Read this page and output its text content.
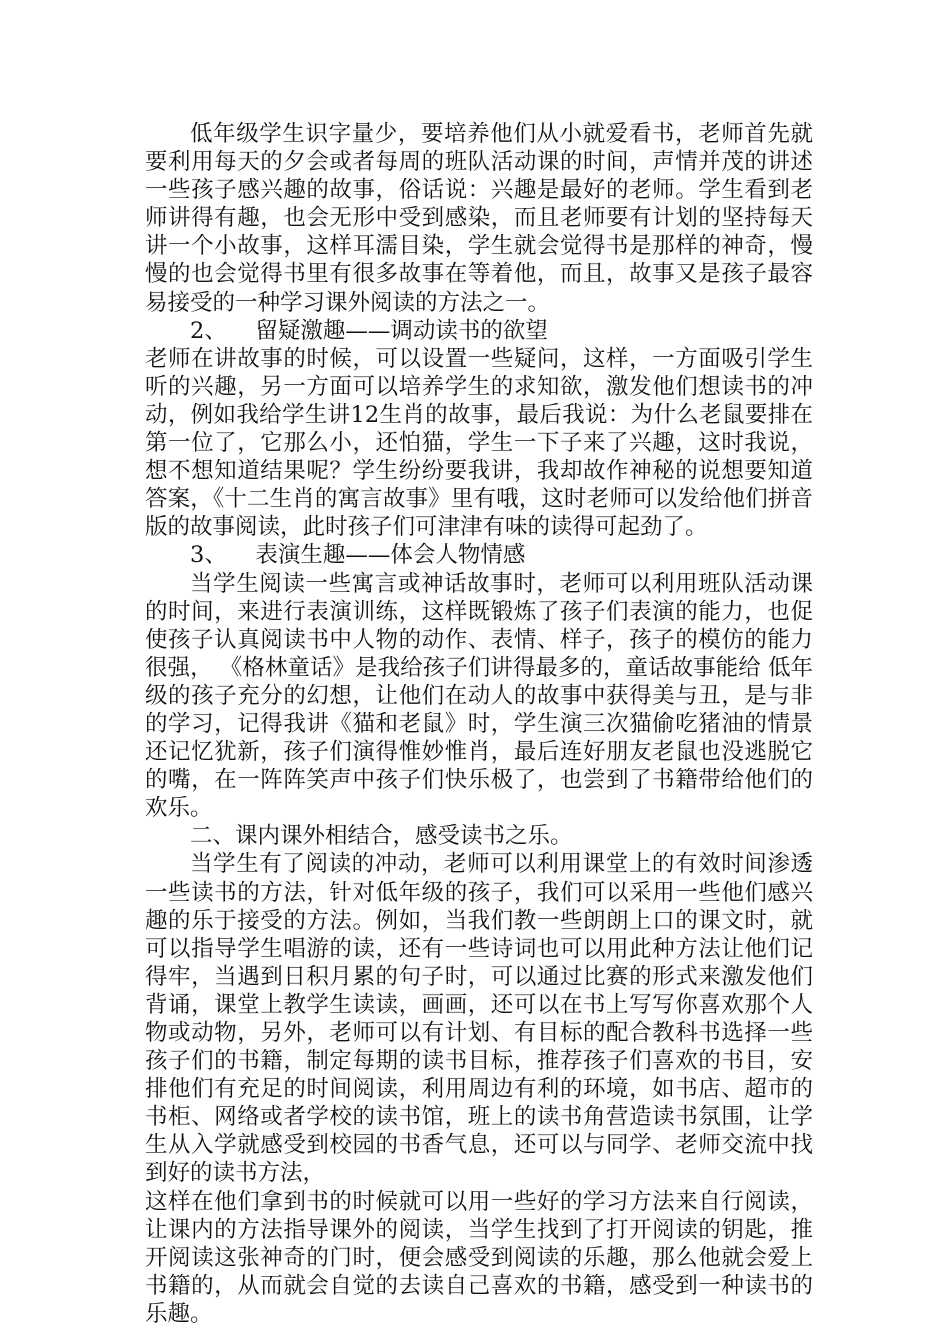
低年级学生识字量少，要培养他们从小就爱看书，老师首先就要利用每天的夕会或者每周的班队活动课的时间，声情并茂的讲述一些孩子感兴趣的故事，俗话说：兴趣是最好的老师。学生看到老师讲得有趣，也会无形中受到感染，而且老师要有计划的坚持每天讲一个小故事，这样耳濡目染，学生就会觉得书是那样的神奇，慢慢的也会觉得书里有很多故事在等着他，而且，故事又是孩子最容易接受的一种学习课外阅读的方法之一。

2、    留疑激趣——调动读书的欲望

老师在讲故事的时候，可以设置一些疑问，这样，一方面吸引学生听的兴趣，另一方面可以培养学生的求知欲，激发他们想读书的冲动，例如我给学生讲12生肖的故事，最后我说：为什么老鼠要排在第一位了，它那么小，还怕猫，学生一下子来了兴趣，这时我说，想不想知道结果呢？学生纷纷要我讲，我却故作神秘的说想要知道答案，《十二生肖的寓言故事》里有哦，这时老师可以发给他们拼音版的故事阅读，此时孩子们可津津有味的读得可起劲了。

3、    表演生趣——体会人物情感

当学生阅读一些寓言或神话故事时，老师可以利用班队活动课的时间，来进行表演训练，这样既锻炼了孩子们表演的能力，也促使孩子认真阅读书中人物的动作、表情、样子，孩子的模仿的能力很强， 《格林童话》是我给孩子们讲得最多的，童话故事能给 低年级的孩子充分的幻想，让他们在动人的故事中获得美与丑，是与非的学习，记得我讲《猫和老鼠》时，学生演三次猫偷吃猪油的情景还记忆犹新，孩子们演得惟妙惟肖，最后连好朋友老鼠也没逃脱它的嘴，在一阵阵笑声中孩子们快乐极了，也尝到了书籍带给他们的欢乐。

二、课内课外相结合，感受读书之乐。

当学生有了阅读的冲动，老师可以利用课堂上的有效时间渗透一些读书的方法，针对低年级的孩子，我们可以采用一些他们感兴趣的乐于接受的方法。例如，当我们教一些朗朗上口的课文时，就可以指导学生唱游的读，还有一些诗词也可以用此种方法让他们记得牢，当遇到日积月累的句子时，可以通过比赛的形式来激发他们背诵，课堂上教学生读读，画画，还可以在书上写写你喜欢那个人物或动物，另外，老师可以有计划、有目标的配合教科书选择一些孩子们的书籍，制定每期的读书目标，推荐孩子们喜欢的书目，安排他们有充足的时间阅读，利用周边有利的环境，如书店、超市的书柜、网络或者学校的读书馆，班上的读书角营造读书氛围，让学生从入学就感受到校园的书香气息，还可以与同学、老师交流中找到好的读书方法，

这样在他们拿到书的时候就可以用一些好的学习方法来自行阅读，让课内的方法指导课外的阅读，当学生找到了打开阅读的钥匙，推开阅读这张神奇的门时，便会感受到阅读的乐趣，那么他就会爱上书籍的，从而就会自觉的去读自己喜欢的书籍，感受到一种读书的乐趣。
